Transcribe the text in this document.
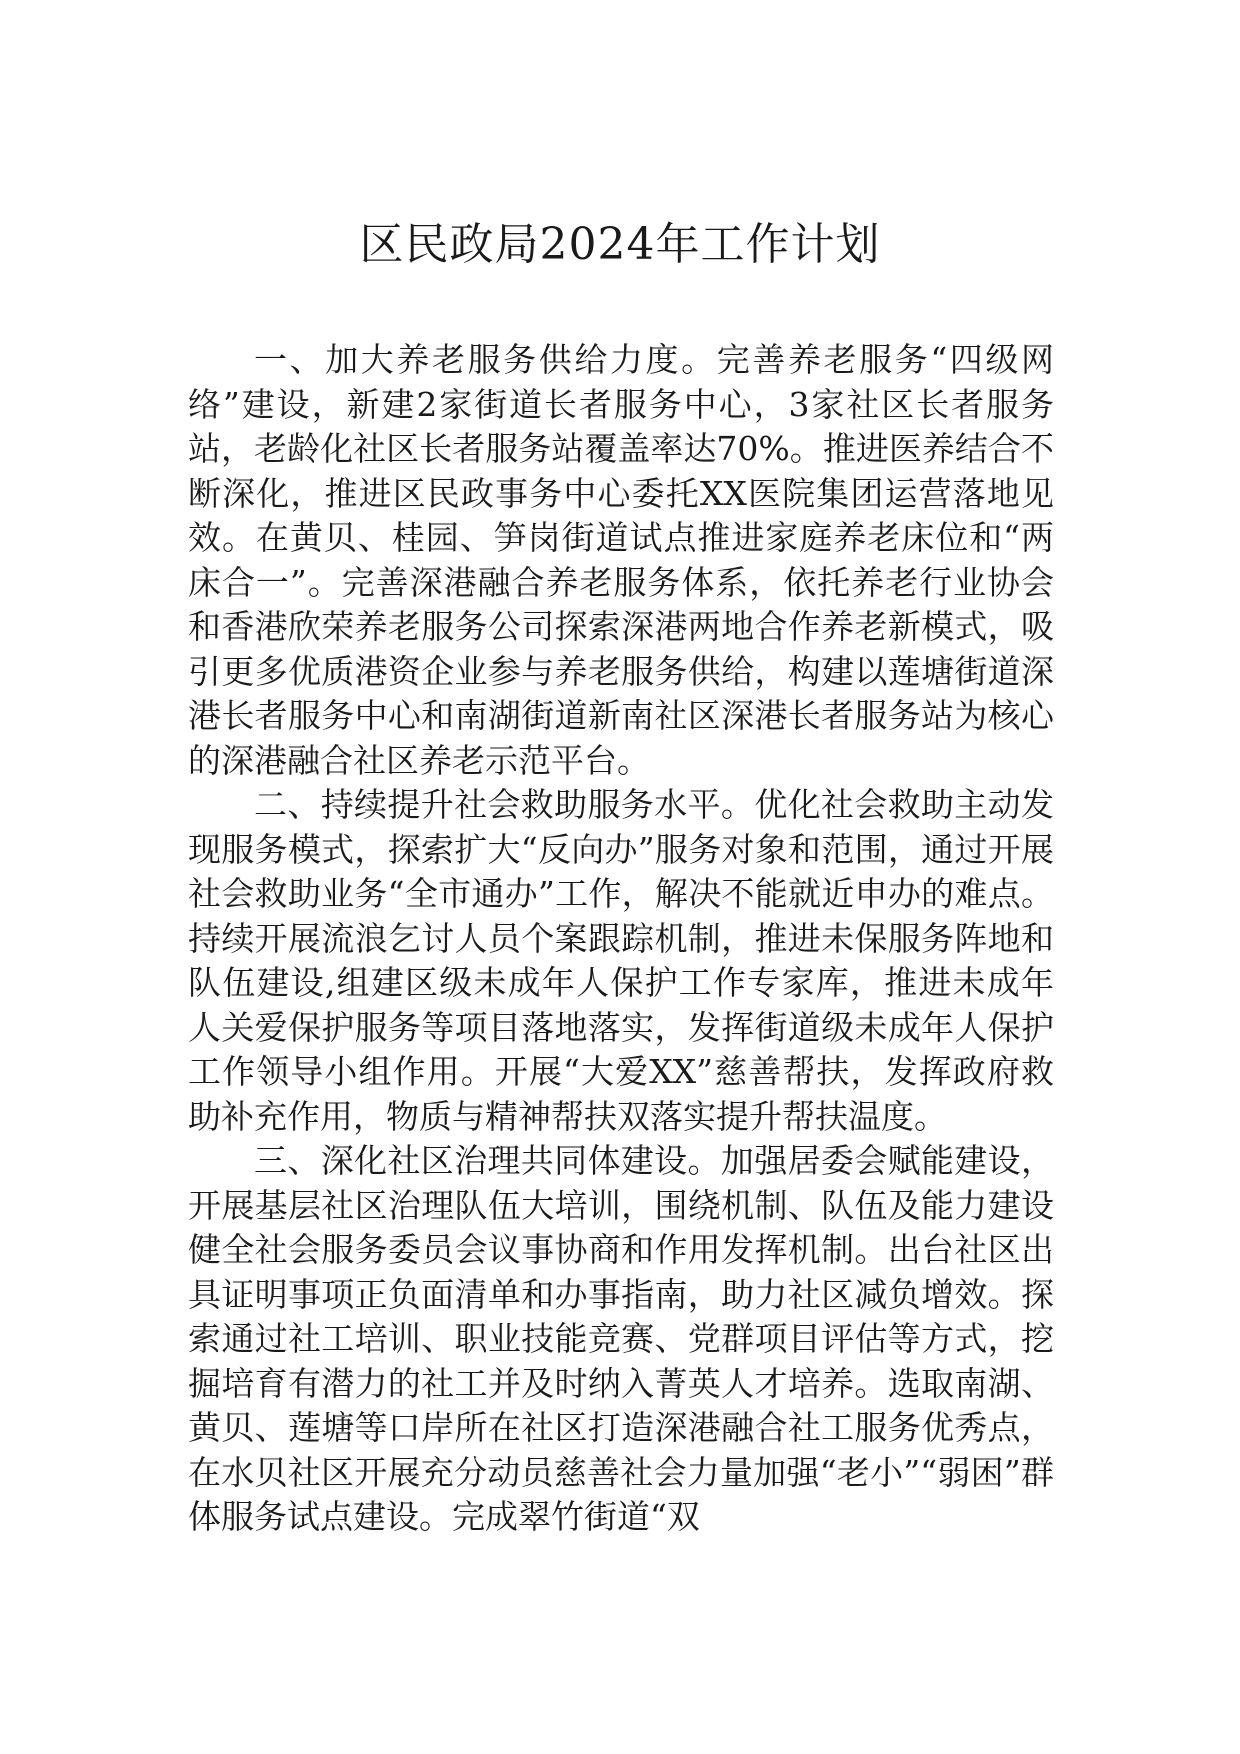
区民政局2024年工作计划

一、加大养老服务供给力度。完善养老服务“四级网络”建设，新建2家街道长者服务中心，3家社区长者服务站，老龄化社区长者服务站覆盖率达70%。推进医养结合不断深化，推进区民政事务中心委托XX医院集团运营落地见效。在黄贝、桂园、笋岗街道试点推进家庭养老床位和“两床合一”。完善深港融合养老服务体系，依托养老行业协会和香港欣荣养老服务公司探索深港两地合作养老新模式，吸引更多优质港资企业参与养老服务供给，构建以莲塘街道深港长者服务中心和南湖街道新南社区深港长者服务站为核心的深港融合社区养老示范平台。

二、持续提升社会救助服务水平。优化社会救助主动发现服务模式，探索扩大“反向办”服务对象和范围，通过开展社会救助业务“全市通办”工作，解决不能就近申办的难点。持续开展流浪乞讨人员个案跟踪机制，推进未保服务阵地和队伍建设,组建区级未成年人保护工作专家库，推进未成年人关爱保护服务等项目落地落实，发挥街道级未成年人保护工作领导小组作用。开展“大爱XX”慈善帮扶，发挥政府救助补充作用，物质与精神帮扶双落实提升帮扶温度。

三、深化社区治理共同体建设。加强居委会赋能建设，开展基层社区治理队伍大培训，围绕机制、队伍及能力建设健全社会服务委员会议事协商和作用发挥机制。出台社区出具证明事项正负面清单和办事指南，助力社区减负增效。探索通过社工培训、职业技能竞赛、党群项目评估等方式，挖掘培育有潜力的社工并及时纳入菁英人才培养。选取南湖、黄贝、莲塘等口岸所在社区打造深港融合社工服务优秀点，在水贝社区开展充分动员慈善社会力量加强“老小”“弱困”群体服务试点建设。完成翠竹街道“双
